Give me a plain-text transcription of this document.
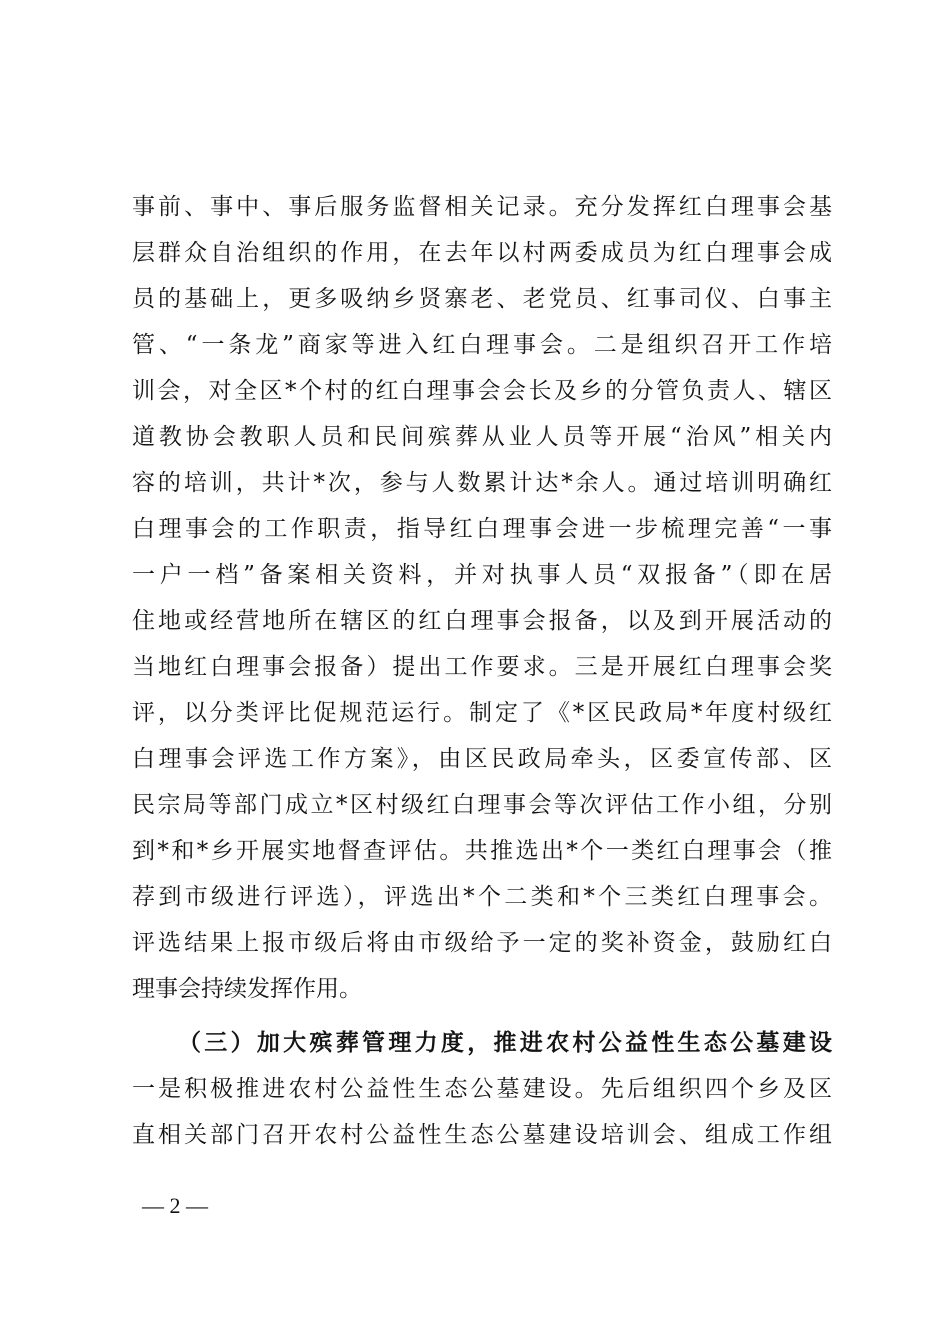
事前、事中、事后服务监督相关记录。充分发挥红白理事会基
层群众自治组织的作用，在去年以村两委成员为红白理事会成
员的基础上，更多吸纳乡贤寨老、老党员、红事司仪、白事主
管、“一条龙”商家等进入红白理事会。二是组织召开工作培
训会，对全区*个村的红白理事会会长及乡的分管负责人、辖区
道教协会教职人员和民间殡葬从业人员等开展“治风”相关内
容的培训，共计*次，参与人数累计达*余人。通过培训明确红
白理事会的工作职责，指导红白理事会进一步梳理完善“一事
一户一档”备案相关资料，并对执事人员“双报备”（即在居
住地或经营地所在辖区的红白理事会报备，以及到开展活动的
当地红白理事会报备）提出工作要求。三是开展红白理事会奖
评，以分类评比促规范运行。制定了《*区民政局*年度村级红
白理事会评选工作方案》，由区民政局牵头，区委宣传部、区
民宗局等部门成立*区村级红白理事会等次评估工作小组，分别
到*和*乡开展实地督查评估。共推选出*个一类红白理事会（推
荐到市级进行评选），评选出*个二类和*个三类红白理事会。
评选结果上报市级后将由市级给予一定的奖补资金，鼓励红白
理事会持续发挥作用。
（三）加大殡葬管理力度，推进农村公益性生态公墓建设
一是积极推进农村公益性生态公墓建设。先后组织四个乡及区
直相关部门召开农村公益性生态公墓建设培训会、组成工作组
— 2 —
